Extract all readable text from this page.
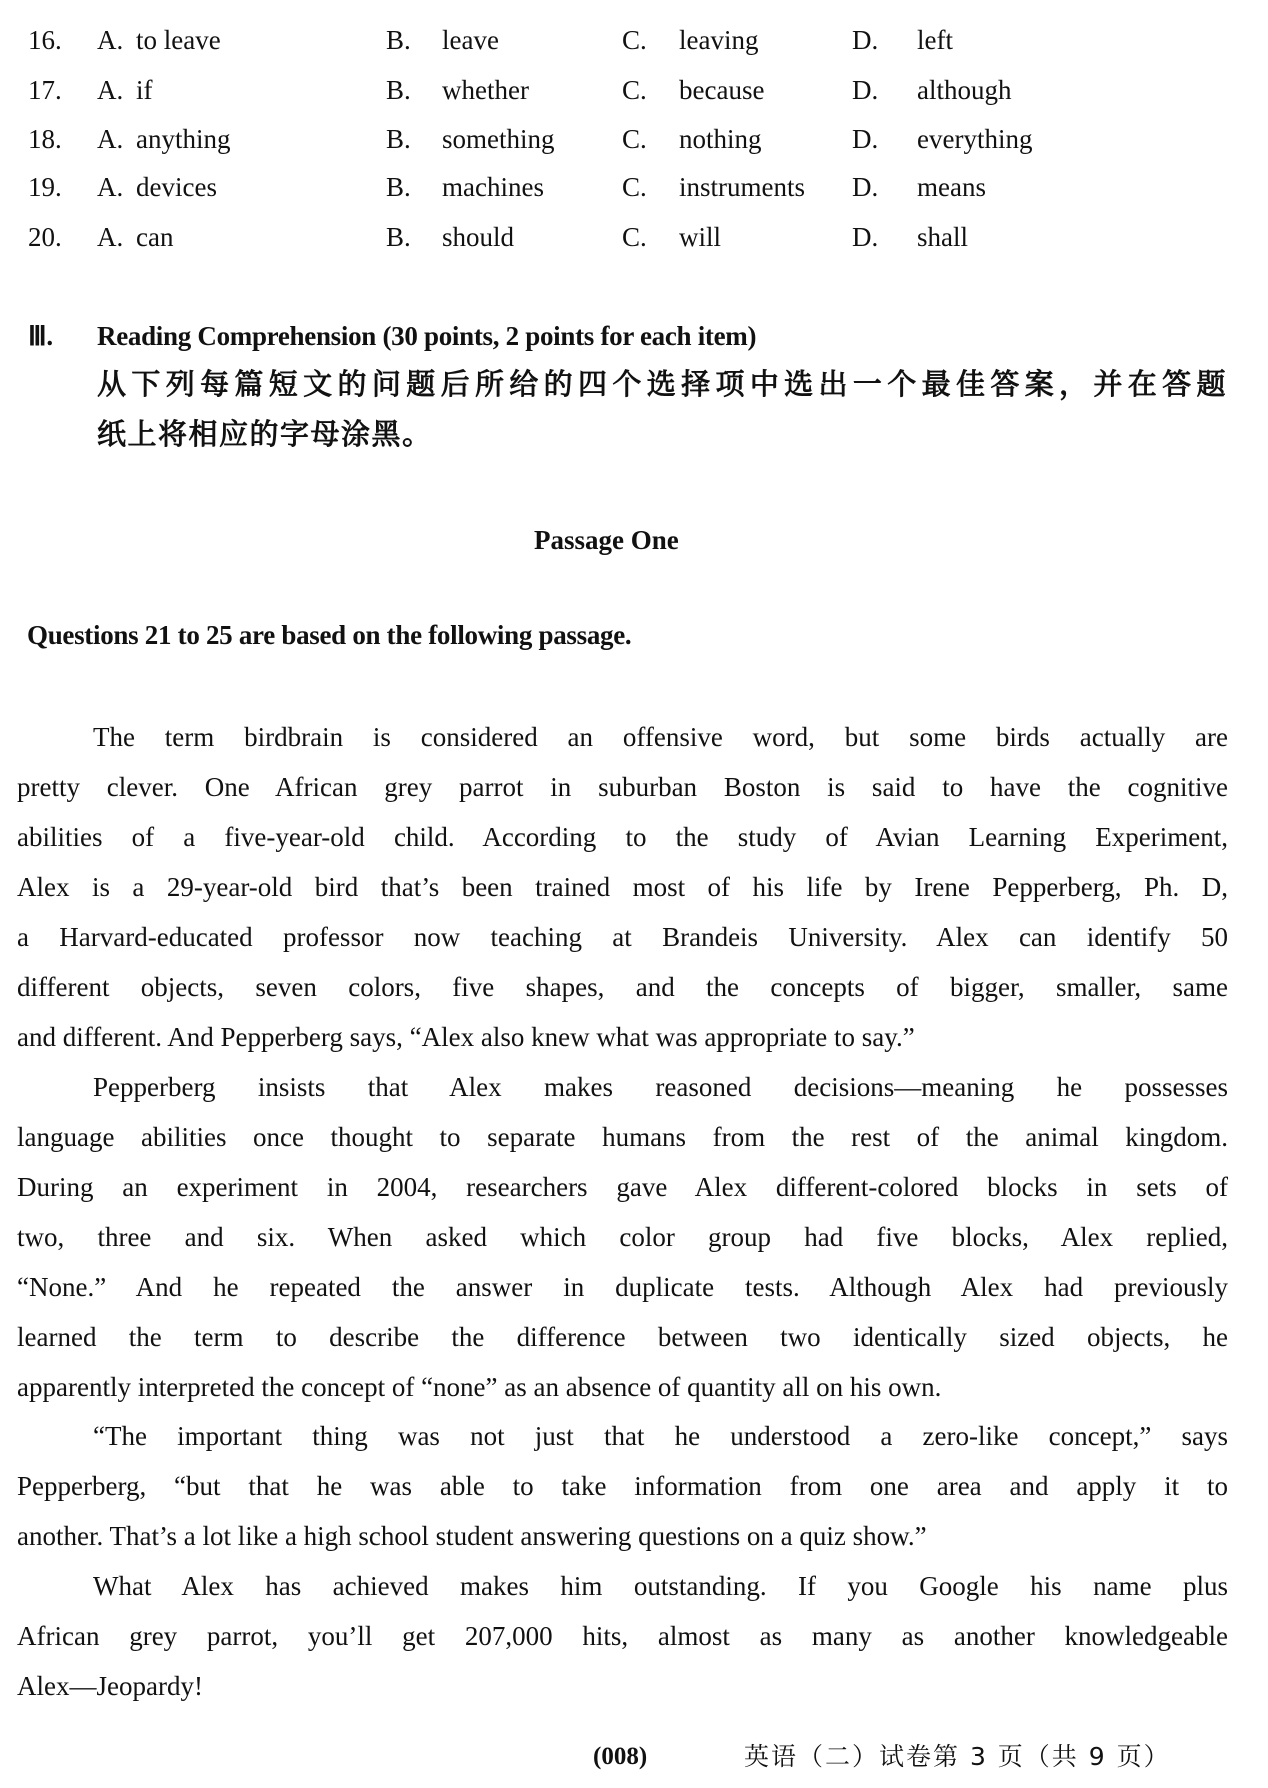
16. A. to leave	B. leave	C. leaving	D. left
17. A. if	B. whether	C. because	D. although
18. A. anything	B. something	C. nothing	D. everything
19. A. devices	B. machines	C. instruments D. means
20. A. can	B. should	C. will	D. shall
Ⅲ. Reading Comprehension (30 points, 2 points for each item)
从下列每篇短文的问题后所给的四个选择项中选出一个最佳答案，并在答题
纸上将相应的字母涂黑。
Passage One
Questions 21 to 25 are based on the following passage.
The term birdbrain is considered an offensive word, but some birds actually are
pretty clever. One African grey parrot in suburban Boston is said to have the cognitive
abilities of a five-year-old child. According to the study of Avian Learning Experiment,
Alex is a 29-year-old bird that’s been trained most of his life by Irene Pepperberg, Ph. D,
a Harvard-educated professor now teaching at Brandeis University. Alex can identify 50
different objects, seven colors, five shapes, and the concepts of bigger, smaller, same
and different. And Pepperberg says, “Alex also knew what was appropriate to say.”
Pepperberg insists that Alex makes reasoned decisions—meaning he possesses
language abilities once thought to separate humans from the rest of the animal kingdom.
During an experiment in 2004, researchers gave Alex different-colored blocks in sets of
two, three and six. When asked which color group had five blocks, Alex replied,
“None.” And he repeated the answer in duplicate tests. Although Alex had previously
learned the term to describe the difference between two identically sized objects, he
apparently interpreted the concept of “none” as an absence of quantity all on his own.
“The important thing was not just that he understood a zero-like concept,” says
Pepperberg, “but that he was able to take information from one area and apply it to
another. That’s a lot like a high school student answering questions on a quiz show.”
What Alex has achieved makes him outstanding. If you Google his name plus
African grey parrot, you’ll get 207,000 hits, almost as many as another knowledgeable
Alex—Jeopardy!
(008)	英语（二）试卷第 3 页（共 9 页）
